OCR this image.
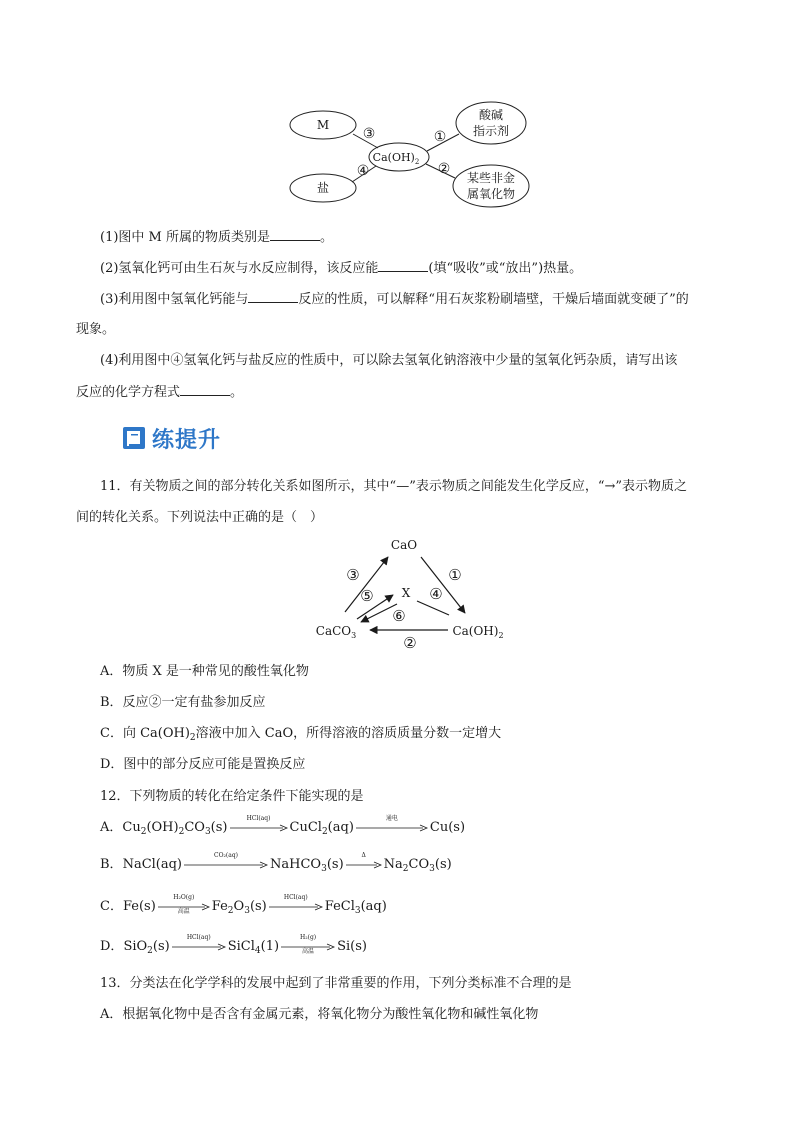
M
盐
$Ca(OH)_2$
酸碱
指示剂
某些非金
属氧化物
③
④
①
②
(1)图中 M 所属的物质类别是	。
(2)氢氧化钙可由生石灰与水反应制得，该反应能	(填“吸收”或“放出”)热量。
(3)利用图中氢氧化钙能与	反应的性质，可以解释“用石灰浆粉刷墙壁，干燥后墙面就变硬了”的
现象。
(4)利用图中④氢氧化钙与盐反应的性质中，可以除去氢氧化钠溶液中少量的氢氧化钙杂质，请写出该
反应的化学方程式	。
练提升
11．有关物质之间的部分转化关系如图所示，其中“—”表示物质之间能发生化学反应，“→”表示物质之
间的转化关系。下列说法中正确的是（　）
CaO
X
CaCO$_3$	$Ca(OH)_2$
③	①
⑤	④
⑥
②
A．物质 X 是一种常见的酸性氧化物
B．反应②一定有盐参加反应
C．向 $Ca(OH)_2$溶液中加入 CaO，所得溶液的溶质质量分数一定增大
D．图中的部分反应可能是置换反应
12．下列物质的转化在给定条件下能实现的是
A． $Cu_2(OH)_2CO_3(s)$
HCl(aq)
CuCl$_2$(aq)
通电
Cu(s)
B． NaCl(aq)
CO₂(aq)
NaHCO$_3$(s)
Δ
$Na_2CO_3(s)$
C． Fe(s)
H₂O(g)
高温	$Fe_2O_3(s)$
HCl(aq)
FeCl$_3$(aq)
D． SiO$_2$(s)
HCl(aq)
SiCl$_4$(1)
H₂(g)
高温	Si(s)
13．分类法在化学学科的发展中起到了非常重要的作用，下列分类标准不合理的是
A．根据氧化物中是否含有金属元素，将氧化物分为酸性氧化物和碱性氧化物
